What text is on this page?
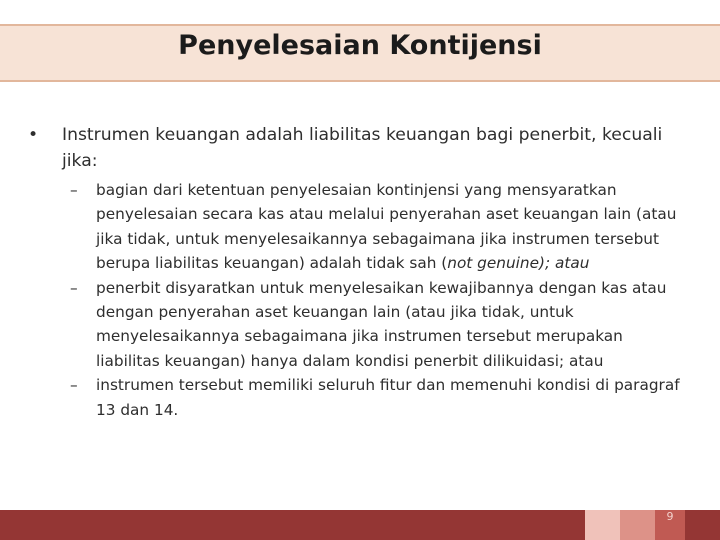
Penyelesaian Kontijensi
•	Instrumen keuangan adalah liabilitas keuangan bagi penerbit, kecuali jika:
–	bagian dari ketentuan penyelesaian kontinjensi yang mensyaratkan penyelesaian secara kas atau melalui penyerahan aset keuangan lain (atau jika tidak, untuk menyelesaikannya sebagaimana jika instrumen tersebut berupa liabilitas keuangan) adalah tidak sah (not genuine); atau
–	penerbit disyaratkan untuk menyelesaikan kewajibannya dengan kas atau dengan penyerahan aset keuangan lain (atau jika tidak, untuk menyelesaikannya sebagaimana jika instrumen tersebut merupakan liabilitas keuangan) hanya dalam kondisi penerbit dilikuidasi; atau
–	instrumen tersebut memiliki seluruh fitur dan memenuhi kondisi di paragraf 13 dan 14.
9
